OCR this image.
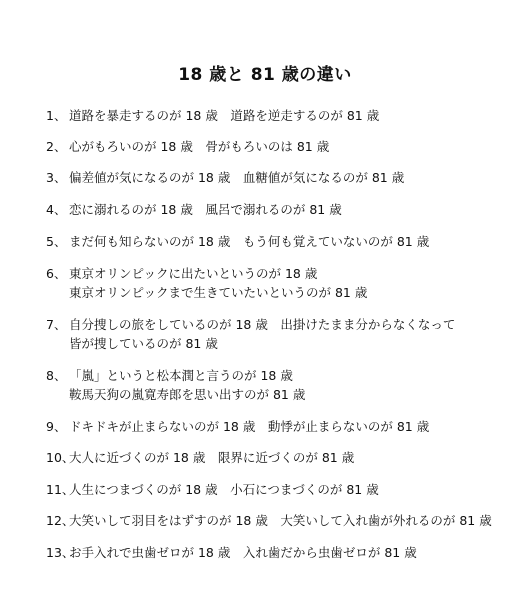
18 歳と 81 歳の違い
1、 道路を暴走するのが 18 歳　道路を逆走するのが 81 歳
2、 心がもろいのが 18 歳　骨がもろいのは 81 歳
3、 偏差値が気になるのが 18 歳　血糖値が気になるのが 81 歳
4、 恋に溺れるのが 18 歳　風呂で溺れるのが 81 歳
5、 まだ何も知らないのが 18 歳　もう何も覚えていないのが 81 歳
6、 東京オリンピックに出たいというのが 18 歳
東京オリンピックまで生きていたいというのが 81 歳
7、 自分捜しの旅をしているのが 18 歳　出掛けたまま分からなくなって
皆が捜しているのが 81 歳
8、 「嵐」というと松本潤と言うのが 18 歳
鞍馬天狗の嵐寛寿郎を思い出すのが 81 歳
9、 ドキドキが止まらないのが 18 歳　動悸が止まらないのが 81 歳
10、
大人に近づくのが 18 歳　限界に近づくのが 81 歳
11、
人生につまづくのが 18 歳　小石につまづくのが 81 歳
12、
大笑いして羽目をはずすのが 18 歳　大笑いして入れ歯が外れるのが 81 歳
13、
お手入れで虫歯ゼロが 18 歳　入れ歯だから虫歯ゼロが 81 歳
